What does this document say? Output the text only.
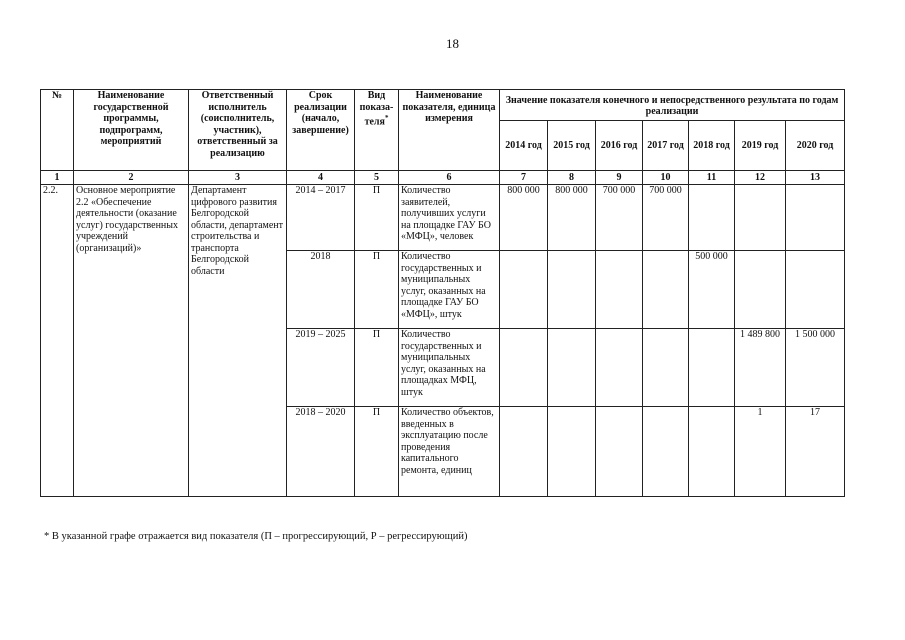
18
№	Наименование государственной программы, подпрограмм, мероприятий	Ответственный исполнитель (соисполнитель, участник), ответственный за реализацию	Срок реализации (начало, завершение)	Вид показа-теля*	Наименование показателя, единица измерения	Значение показателя конечного и непосредственного результата по годам реализации						
						2014 год	2015 год	2016 год	2017 год	2018 год	2019 год	2020 год
1	2	3	4	5	6	7	8	9	10	11	12	13
2.2.	Основное мероприятие 2.2 «Обеспечение деятельности (оказание услуг) государственных учреждений (организаций)»	Департамент цифрового развития Белгородской области, департамент строительства и транспорта Белгородской области	2014 – 2017	П	Количество заявителей, получивших услуги на площадке ГАУ БО «МФЦ», человек	800 000	800 000	700 000	700 000			
			2018	П	Количество государственных и муниципальных услуг, оказанных на площадке ГАУ БО «МФЦ», штук					500 000		
			2019 – 2025	П	Количество государственных и муниципальных услуг, оказанных на площадках МФЦ, штук						1 489 800	1 500 000
			2018 – 2020	П	Количество объектов, введенных в эксплуатацию после проведения капитального ремонта, единиц						1	17
* В указанной графе отражается вид показателя (П – прогрессирующий, Р – регрессирующий)
